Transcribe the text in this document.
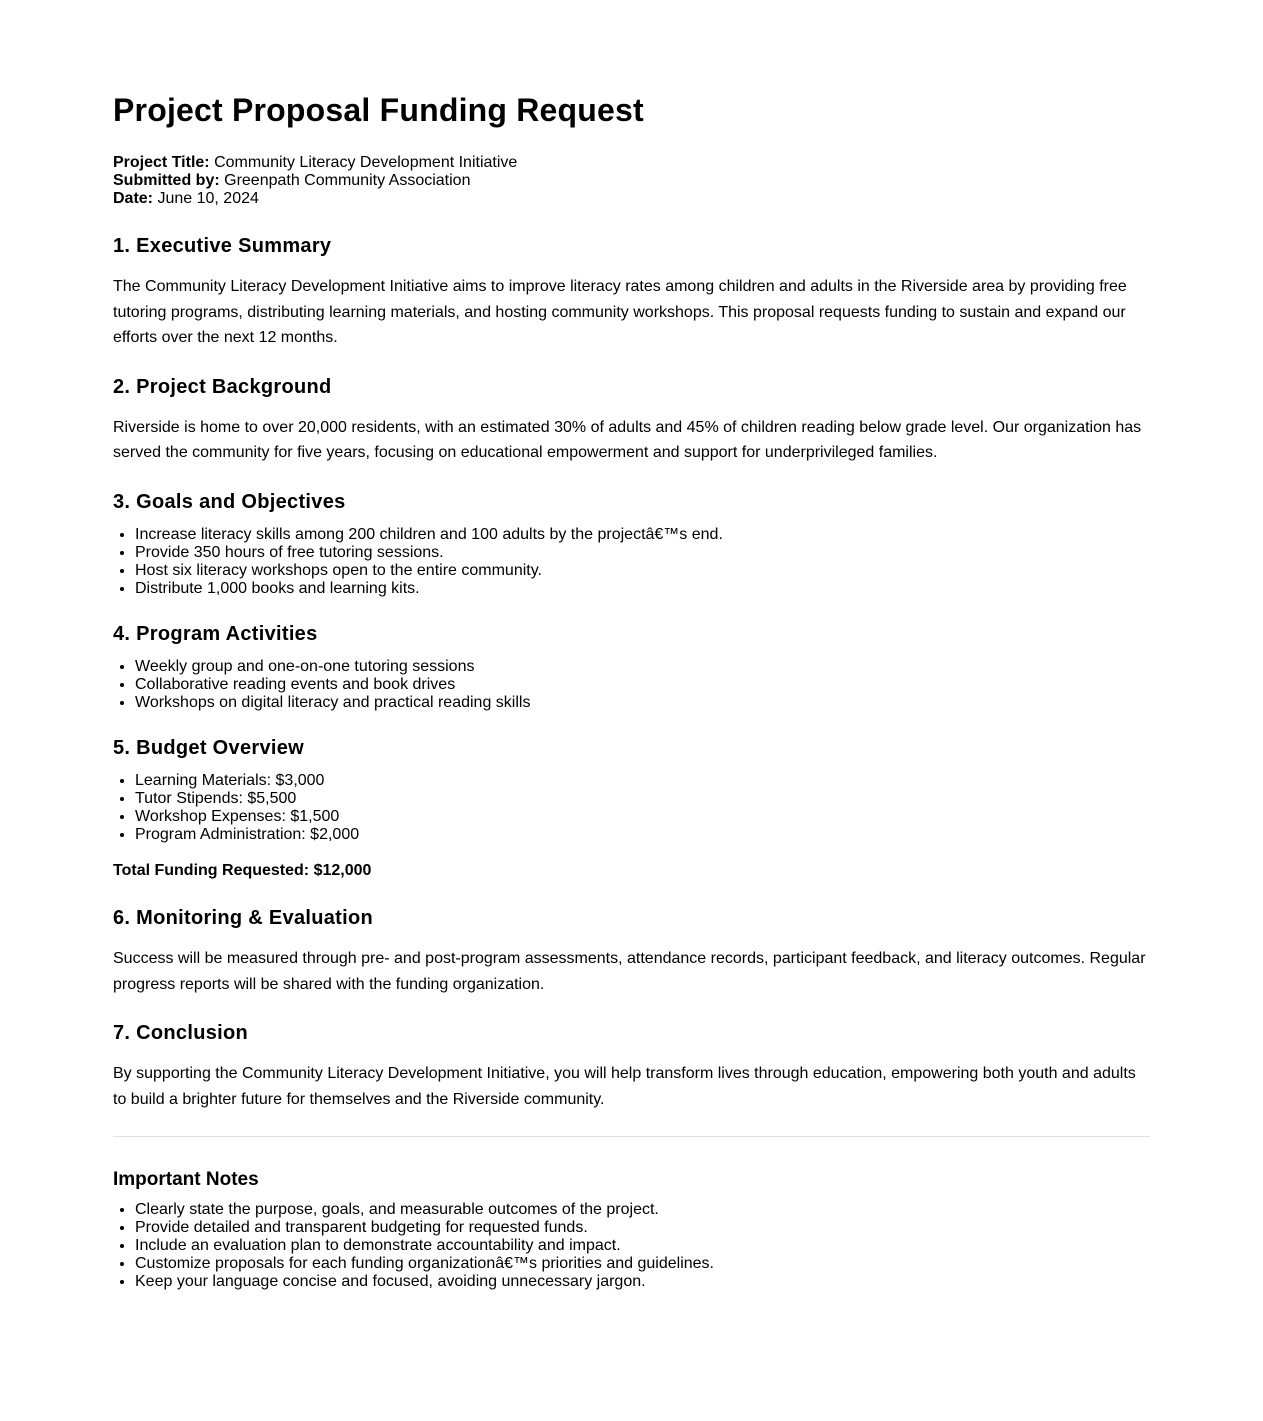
Project Proposal Funding Request
Project Title: Community Literacy Development Initiative
Submitted by: Greenpath Community Association
Date: June 10, 2024
1. Executive Summary

The Community Literacy Development Initiative aims to improve literacy rates among children and adults in the Riverside area by providing free tutoring programs, distributing learning materials, and hosting community workshops. This proposal requests funding to sustain and expand our efforts over the next 12 months.

2. Project Background

Riverside is home to over 20,000 residents, with an estimated 30% of adults and 45% of children reading below grade level. Our organization has served the community for five years, focusing on educational empowerment and support for underprivileged families.

3. Goals and Objectives
• Increase literacy skills among 200 children and 100 adults by the projectâ€™s end.
• Provide 350 hours of free tutoring sessions.
• Host six literacy workshops open to the entire community.
• Distribute 1,000 books and learning kits.
4. Program Activities
• Weekly group and one-on-one tutoring sessions
• Collaborative reading events and book drives
• Workshops on digital literacy and practical reading skills
5. Budget Overview
• Learning Materials: $3,000
• Tutor Stipends: $5,500
• Workshop Expenses: $1,500
• Program Administration: $2,000
Total Funding Requested: $12,000
6. Monitoring & Evaluation

Success will be measured through pre- and post-program assessments, attendance records, participant feedback, and literacy outcomes. Regular progress reports will be shared with the funding organization.

7. Conclusion

By supporting the Community Literacy Development Initiative, you will help transform lives through education, empowering both youth and adults to build a brighter future for themselves and the Riverside community.

Important Notes
• Clearly state the purpose, goals, and measurable outcomes of the project.
• Provide detailed and transparent budgeting for requested funds.
• Include an evaluation plan to demonstrate accountability and impact.
• Customize proposals for each funding organizationâ€™s priorities and guidelines.
• Keep your language concise and focused, avoiding unnecessary jargon.
